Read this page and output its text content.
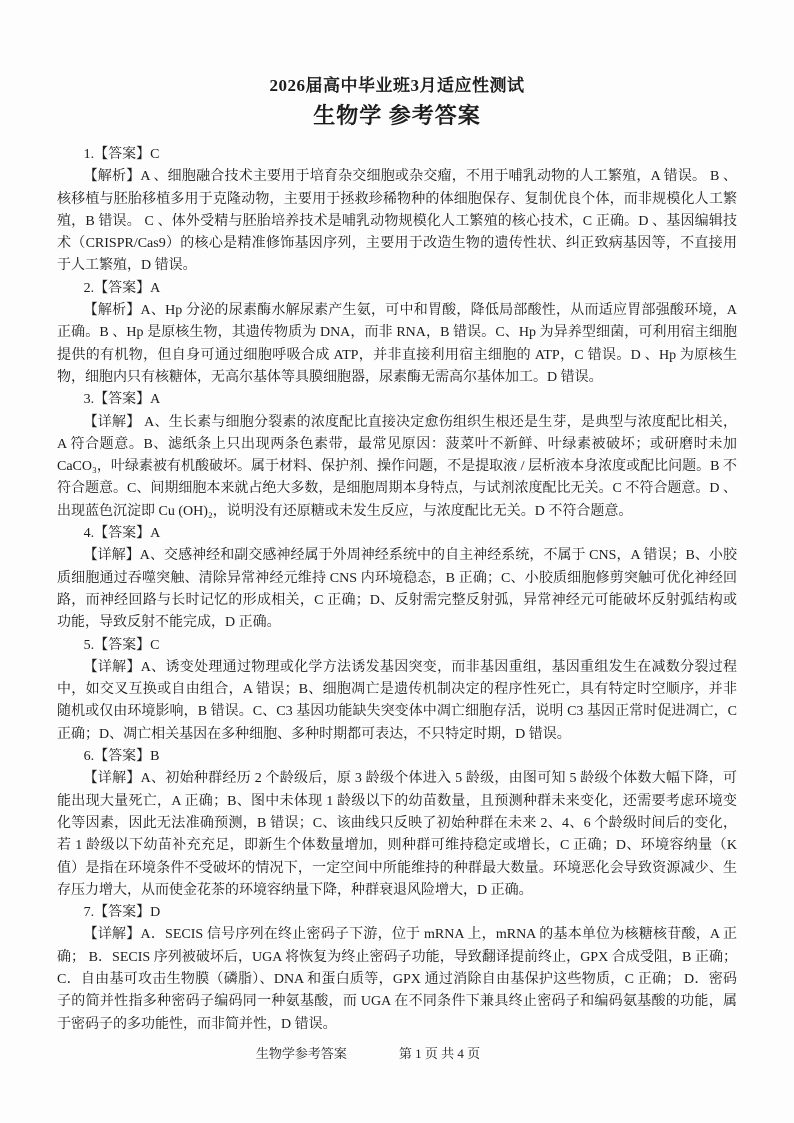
2026届高中毕业班3月适应性测试
生物学 参考答案

1.【答案】C

【解析】A 、细胞融合技术主要用于培育杂交细胞或杂交瘤，不用于哺乳动物的人工繁殖，A 错误。 B 、核移植与胚胎移植多用于克隆动物，主要用于拯救珍稀物种的体细胞保存、复制优良个体，而非规模化人工繁殖，B 错误。 C 、体外受精与胚胎培养技术是哺乳动物规模化人工繁殖的核心技术，C 正确。D 、基因编辑技术（CRISPR/Cas9）的核心是精准修饰基因序列，主要用于改造生物的遗传性状、纠正致病基因等，不直接用于人工繁殖，D 错误。

2.【答案】A

【解析】A、Hp 分泌的尿素酶水解尿素产生氨，可中和胃酸，降低局部酸性，从而适应胃部强酸环境，A 正确。B 、Hp 是原核生物，其遗传物质为 DNA，而非 RNA，B 错误。C、Hp 为异养型细菌，可利用宿主细胞提供的有机物，但自身可通过细胞呼吸合成 ATP，并非直接利用宿主细胞的 ATP，C 错误。D 、Hp 为原核生物，细胞内只有核糖体，无高尔基体等具膜细胞器，尿素酶无需高尔基体加工。D 错误。

3.【答案】A

【详解】 A、生长素与细胞分裂素的浓度配比直接决定愈伤组织生根还是生芽，是典型与浓度配比相关，A 符合题意。B、滤纸条上只出现两条色素带，最常见原因：菠菜叶不新鲜、叶绿素被破坏；或研磨时未加 CaCO₃，叶绿素被有机酸破坏。属于材料、保护剂、操作问题，不是提取液 / 层析液本身浓度或配比问题。B 不符合题意。C、间期细胞本来就占绝大多数，是细胞周期本身特点，与试剂浓度配比无关。C 不符合题意。D 、出现蓝色沉淀即 Cu (OH)₂，说明没有还原糖或未发生反应，与浓度配比无关。D 不符合题意。

4.【答案】A

【详解】A、交感神经和副交感神经属于外周神经系统中的自主神经系统，不属于 CNS，A 错误；B、小胶质细胞通过吞噬突触、清除异常神经元维持 CNS 内环境稳态，B 正确；C、小胶质细胞修剪突触可优化神经回路，而神经回路与长时记忆的形成相关，C 正确；D、反射需完整反射弧，异常神经元可能破坏反射弧结构或功能，导致反射不能完成，D 正确。

5.【答案】C

【详解】A、诱变处理通过物理或化学方法诱发基因突变，而非基因重组，基因重组发生在减数分裂过程中，如交叉互换或自由组合，A 错误；B、细胞凋亡是遗传机制决定的程序性死亡，具有特定时空顺序，并非随机或仅由环境影响，B 错误。C、C3 基因功能缺失突变体中凋亡细胞存活，说明 C3 基因正常时促进凋亡，C 正确；D、凋亡相关基因在多种细胞、多种时期都可表达，不只特定时期，D 错误。

6.【答案】B

【详解】A、初始种群经历 2 个龄级后，原 3 龄级个体进入 5 龄级，由图可知 5 龄级个体数大幅下降，可能出现大量死亡，A 正确；B、图中未体现 1 龄级以下的幼苗数量，且预测种群未来变化，还需要考虑环境变化等因素，因此无法准确预测，B 错误；C、该曲线只反映了初始种群在未来 2、4、6 个龄级时间后的变化，若 1 龄级以下幼苗补充充足，即新生个体数量增加，则种群可维持稳定或增长，C 正确；D、环境容纳量（K 值）是指在环境条件不受破坏的情况下，一定空间中所能维持的种群最大数量。环境恶化会导致资源减少、生存压力增大，从而使金花茶的环境容纳量下降，种群衰退风险增大，D 正确。

7.【答案】D

【详解】A．SECIS 信号序列在终止密码子下游，位于 mRNA 上，mRNA 的基本单位为核糖核苷酸，A 正确； B．SECIS 序列被破坏后，UGA 将恢复为终止密码子功能，导致翻译提前终止，GPX 合成受阻，B 正确；C．自由基可攻击生物膜（磷脂）、DNA 和蛋白质等，GPX 通过消除自由基保护这些物质，C 正确； D．密码子的简并性指多种密码子编码同一种氨基酸，而 UGA 在不同条件下兼具终止密码子和编码氨基酸的功能，属于密码子的多功能性，而非简并性，D 错误。

生物学参考答案	第 1 页 共 4 页
